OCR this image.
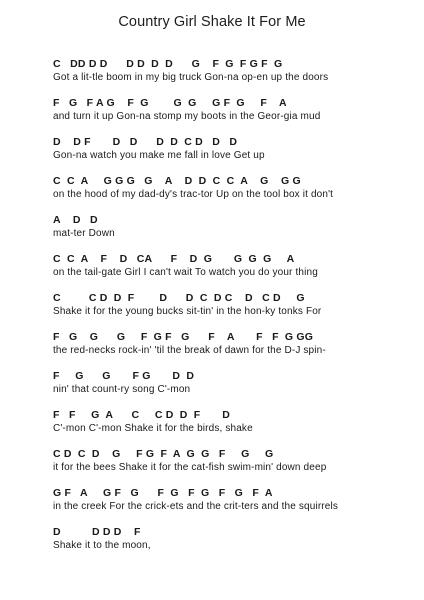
Country Girl Shake It For Me
C   DD D D      D D  D  D      G    F  G  F G F  G
Got a lit-tle boom in my big truck Gon-na op-en up the doors
F   G   F A G    F  G        G  G     G F  G     F    A
and turn it up Gon-na stomp my boots in the Geor-gia mud
D    D F       D   D      D  D  C D   D   D
Gon-na watch you make me fall in love Get up
C  C  A     G G G   G    A    D  D  C  C  A    G    G G
on the hood of my dad-dy's trac-tor Up on the tool box it don't
A    D   D
mat-ter Down
C  C  A    F    D   CA      F    D  G       G  G  G     A
on the tail-gate Girl I can't wait To watch you do your thing
C         C D  D  F        D      D  C  D C    D   C D     G
Shake it for the young bucks sit-tin' in the hon-ky tonks For
F   G    G      G     F  G F   G      F    A       F   F  G GG
the red-necks rock-in' 'til the break of dawn for the D-J spin-
F     G      G       F G       D  D
nin' that count-ry song C'-mon
F   F     G  A      C     C D  D  F       D
C'-mon C'-mon Shake it for the birds, shake
C D  C  D    G     F G  F  A  G  G   F     G     G
it for the bees Shake it for the cat-fish swim-min' down deep
G F   A     G F   G      F  G   F  G   F   G   F  A
in the creek For the crick-ets and the crit-ters and the squirrels
D          D D D    F
Shake it to the moon,
